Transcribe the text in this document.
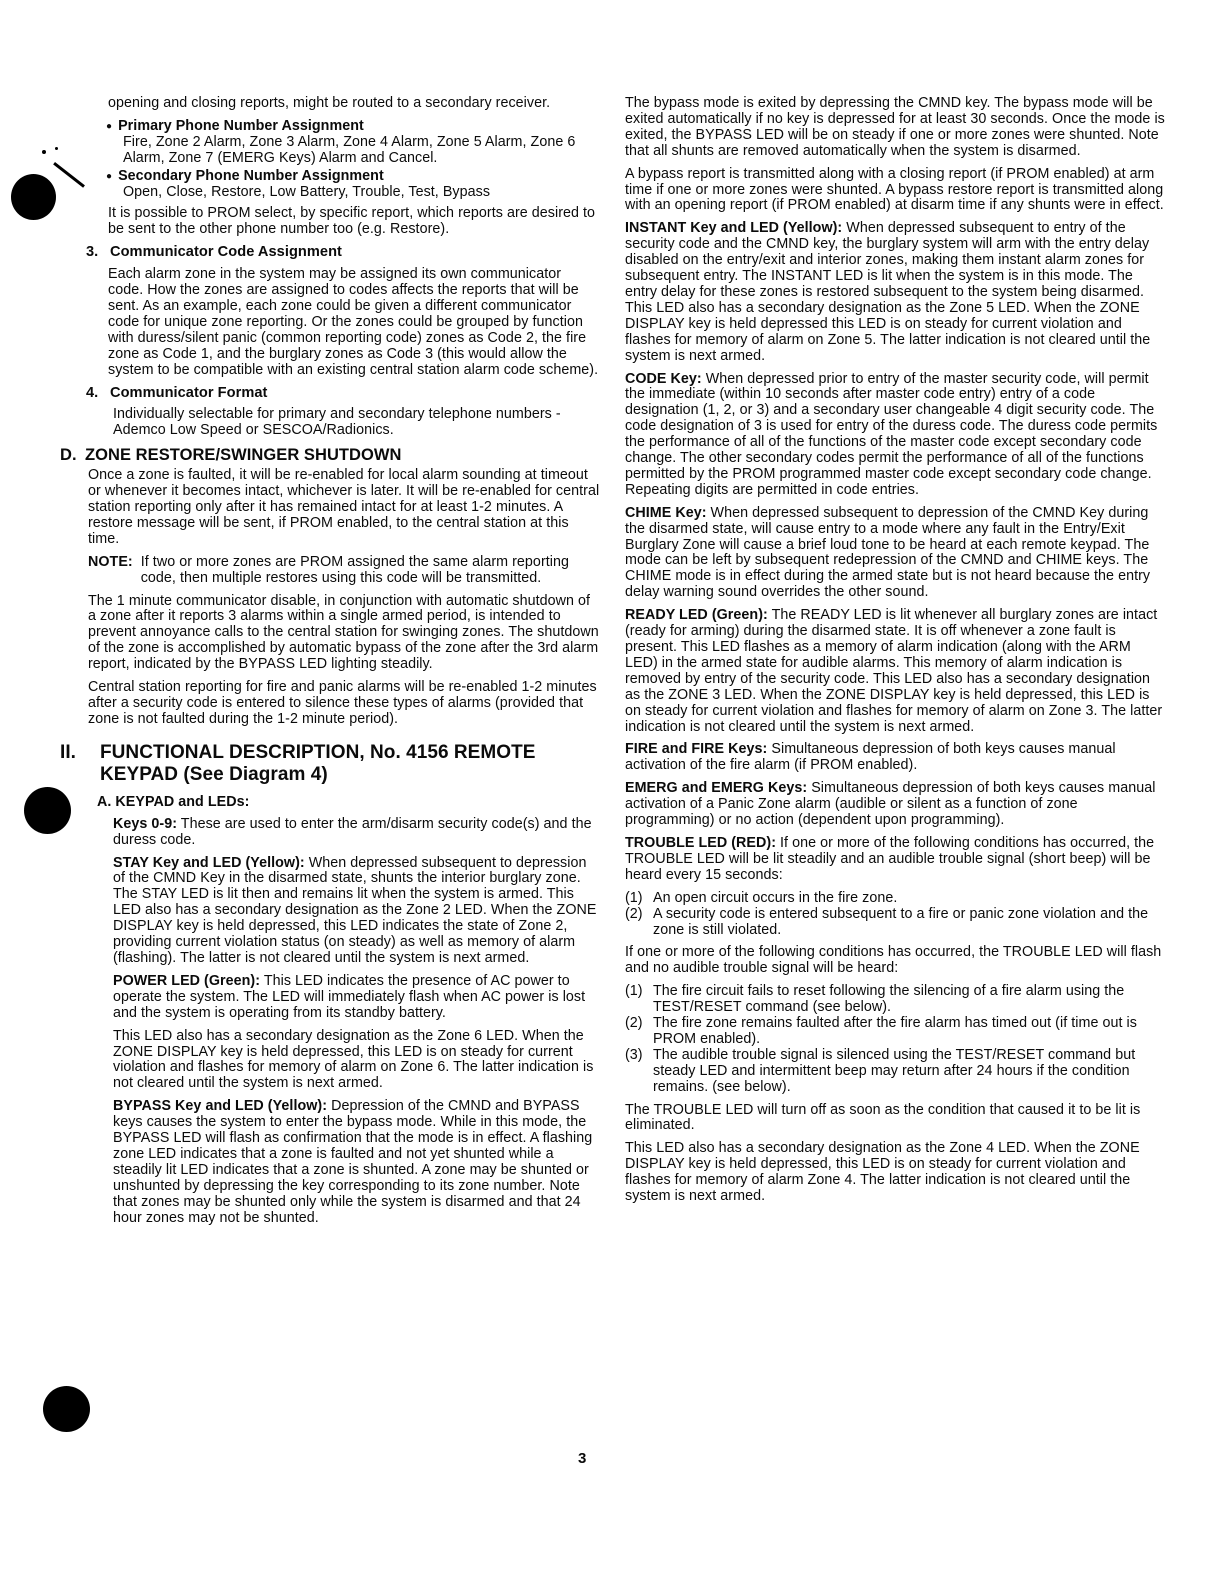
opening and closing reports, might be routed to a secondary receiver.

● Primary Phone Number Assignment
Fire, Zone 2 Alarm, Zone 3 Alarm, Zone 4 Alarm, Zone 5 Alarm, Zone 6 Alarm, Zone 7 (EMERG Keys) Alarm and Cancel.
● Secondary Phone Number Assignment
Open, Close, Restore, Low Battery, Trouble, Test, Bypass

It is possible to PROM select, by specific report, which reports are desired to be sent to the other phone number too (e.g. Restore).

3. Communicator Code Assignment

Each alarm zone in the system may be assigned its own communicator code. How the zones are assigned to codes affects the reports that will be sent. As an example, each zone could be given a different communicator code for unique zone reporting. Or the zones could be grouped by function with duress/silent panic (common reporting code) zones as Code 2, the fire zone as Code 1, and the burglary zones as Code 3 (this would allow the system to be compatible with an existing central station alarm code scheme).

4. Communicator Format

Individually selectable for primary and secondary telephone numbers - Ademco Low Speed or SESCOA/Radionics.

D. ZONE RESTORE/SWINGER SHUTDOWN

Once a zone is faulted, it will be re-enabled for local alarm sounding at timeout or whenever it becomes intact, whichever is later. It will be re-enabled for central station reporting only after it has remained intact for at least 1-2 minutes. A restore message will be sent, if PROM enabled, to the central station at this time.

NOTE: If two or more zones are PROM assigned the same alarm reporting code, then multiple restores using this code will be transmitted.

The 1 minute communicator disable, in conjunction with automatic shutdown of a zone after it reports 3 alarms within a single armed period, is intended to prevent annoyance calls to the central station for swinging zones. The shutdown of the zone is accomplished by automatic bypass of the zone after the 3rd alarm report, indicated by the BYPASS LED lighting steadily.

Central station reporting for fire and panic alarms will be re-enabled 1-2 minutes after a security code is entered to silence these types of alarms (provided that zone is not faulted during the 1-2 minute period).

II.	FUNCTIONAL DESCRIPTION, No. 4156 REMOTE
KEYPAD (See Diagram 4)
A. KEYPAD and LEDs:

Keys 0-9: These are used to enter the arm/disarm security code(s) and the duress code.

STAY Key and LED (Yellow): When depressed subsequent to depression of the CMND Key in the disarmed state, shunts the interior burglary zone. The STAY LED is lit then and remains lit when the system is armed. This LED also has a secondary designation as the Zone 2 LED. When the ZONE DISPLAY key is held depressed, this LED indicates the state of Zone 2, providing current violation status (on steady) as well as memory of alarm (flashing). The latter is not cleared until the system is next armed.

POWER LED (Green): This LED indicates the presence of AC power to operate the system. The LED will immediately flash when AC power is lost and the system is operating from its standby battery.

This LED also has a secondary designation as the Zone 6 LED. When the ZONE DISPLAY key is held depressed, this LED is on steady for current violation and flashes for memory of alarm on Zone 6. The latter indication is not cleared until the system is next armed.

BYPASS Key and LED (Yellow): Depression of the CMND and BYPASS keys causes the system to enter the bypass mode. While in this mode, the BYPASS LED will flash as confirmation that the mode is in effect. A flashing zone LED indicates that a zone is faulted and not yet shunted while a steadily lit LED indicates that a zone is shunted. A zone may be shunted or unshunted by depressing the key corresponding to its zone number. Note that zones may be shunted only while the system is disarmed and that 24 hour zones may not be shunted.

The bypass mode is exited by depressing the CMND key. The bypass mode will be exited automatically if no key is depressed for at least 30 seconds. Once the mode is exited, the BYPASS LED will be on steady if one or more zones were shunted. Note that all shunts are removed automatically when the system is disarmed.

A bypass report is transmitted along with a closing report (if PROM enabled) at arm time if one or more zones were shunted. A bypass restore report is transmitted along with an opening report (if PROM enabled) at disarm time if any shunts were in effect.

INSTANT Key and LED (Yellow): When depressed subsequent to entry of the security code and the CMND key, the burglary system will arm with the entry delay disabled on the entry/exit and interior zones, making them instant alarm zones for subsequent entry. The INSTANT LED is lit when the system is in this mode. The entry delay for these zones is restored subsequent to the system being disarmed. This LED also has a secondary designation as the Zone 5 LED. When the ZONE DISPLAY key is held depressed this LED is on steady for current violation and flashes for memory of alarm on Zone 5. The latter indication is not cleared until the system is next armed.

CODE Key: When depressed prior to entry of the master security code, will permit the immediate (within 10 seconds after master code entry) entry of a code designation (1, 2, or 3) and a secondary user changeable 4 digit security code. The code designation of 3 is used for entry of the duress code. The duress code permits the performance of all of the functions of the master code except secondary code change. The other secondary codes permit the performance of all of the functions permitted by the PROM programmed master code except secondary code change. Repeating digits are permitted in code entries.

CHIME Key: When depressed subsequent to depression of the CMND Key during the disarmed state, will cause entry to a mode where any fault in the Entry/Exit Burglary Zone will cause a brief loud tone to be heard at each remote keypad. The mode can be left by subsequent redepression of the CMND and CHIME keys. The CHIME mode is in effect during the armed state but is not heard because the entry delay warning sound overrides the other sound.

READY LED (Green): The READY LED is lit whenever all burglary zones are intact (ready for arming) during the disarmed state. It is off whenever a zone fault is present. This LED flashes as a memory of alarm indication (along with the ARM LED) in the armed state for audible alarms. This memory of alarm indication is removed by entry of the security code. This LED also has a secondary designation as the ZONE 3 LED. When the ZONE DISPLAY key is held depressed, this LED is on steady for current violation and flashes for memory of alarm on Zone 3. The latter indication is not cleared until the system is next armed.

FIRE and FIRE Keys: Simultaneous depression of both keys causes manual activation of the fire alarm (if PROM enabled).

EMERG and EMERG Keys: Simultaneous depression of both keys causes manual activation of a Panic Zone alarm (audible or silent as a function of zone programming) or no action (dependent upon programming).

TROUBLE LED (RED): If one or more of the following conditions has occurred, the TROUBLE LED will be lit steadily and an audible trouble signal (short beep) will be heard every 15 seconds:

(1) An open circuit occurs in the fire zone.
(2) A security code is entered subsequent to a fire or panic zone violation and the zone is still violated.

If one or more of the following conditions has occurred, the TROUBLE LED will flash and no audible trouble signal will be heard:

(1) The fire circuit fails to reset following the silencing of a fire alarm using the TEST/RESET command (see below).
(2) The fire zone remains faulted after the fire alarm has timed out (if time out is PROM enabled).
(3) The audible trouble signal is silenced using the TEST/RESET command but steady LED and intermittent beep may return after 24 hours if the condition remains. (see below).

The TROUBLE LED will turn off as soon as the condition that caused it to be lit is eliminated.

This LED also has a secondary designation as the Zone 4 LED. When the ZONE DISPLAY key is held depressed, this LED is on steady for current violation and flashes for memory of alarm Zone 4. The latter indication is not cleared until the system is next armed.

3
